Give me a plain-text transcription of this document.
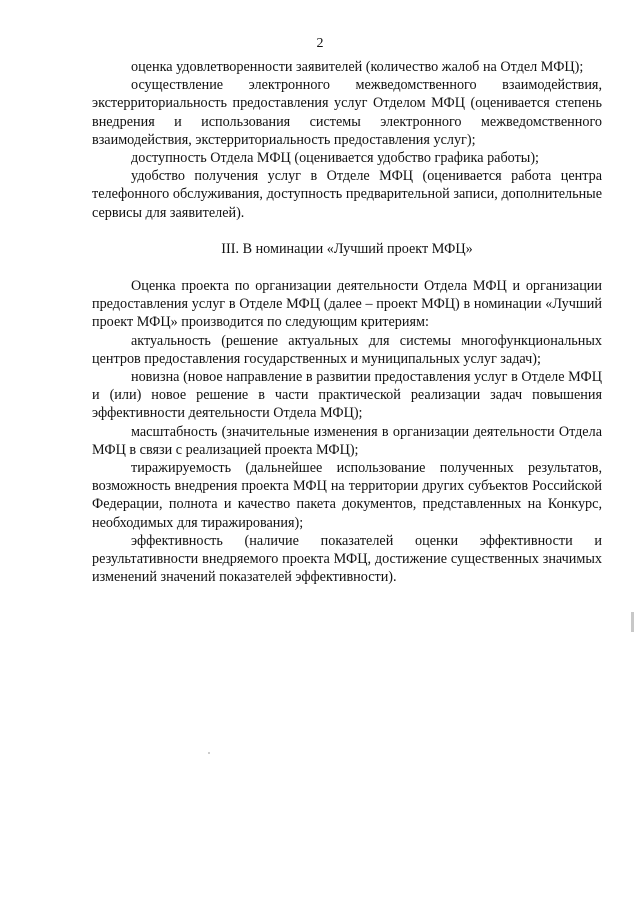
2

оценка удовлетворенности заявителей (количество жалоб на Отдел МФЦ);

осуществление электронного межведомственного взаимодействия, экстерриториальность предоставления услуг Отделом МФЦ (оценивается степень внедрения и использования системы электронного межведомственного взаимодействия, экстерриториальность предоставления услуг);

доступность Отдела МФЦ (оценивается удобство графика работы);

удобство получения услуг в Отделе МФЦ (оценивается работа центра телефонного обслуживания, доступность предварительной записи, дополнительные сервисы для заявителей).

III. В номинации «Лучший проект МФЦ»

Оценка проекта по организации деятельности Отдела МФЦ и организации предоставления услуг в Отделе МФЦ (далее – проект МФЦ) в номинации «Лучший проект МФЦ» производится по следующим критериям:

актуальность (решение актуальных для системы многофункциональных центров предоставления государственных и муниципальных услуг задач);

новизна (новое направление в развитии предоставления услуг в Отделе МФЦ и (или) новое решение в части практической реализации задач повышения эффективности деятельности Отдела МФЦ);

масштабность (значительные изменения в организации деятельности Отдела МФЦ в связи с реализацией проекта МФЦ);

тиражируемость (дальнейшее использование полученных результатов, возможность внедрения проекта МФЦ на территории других субъектов Российской Федерации, полнота и качество пакета документов, представленных на Конкурс, необходимых для тиражирования);

эффективность (наличие показателей оценки эффективности и результативности внедряемого проекта МФЦ, достижение существенных значимых изменений значений показателей эффективности).
